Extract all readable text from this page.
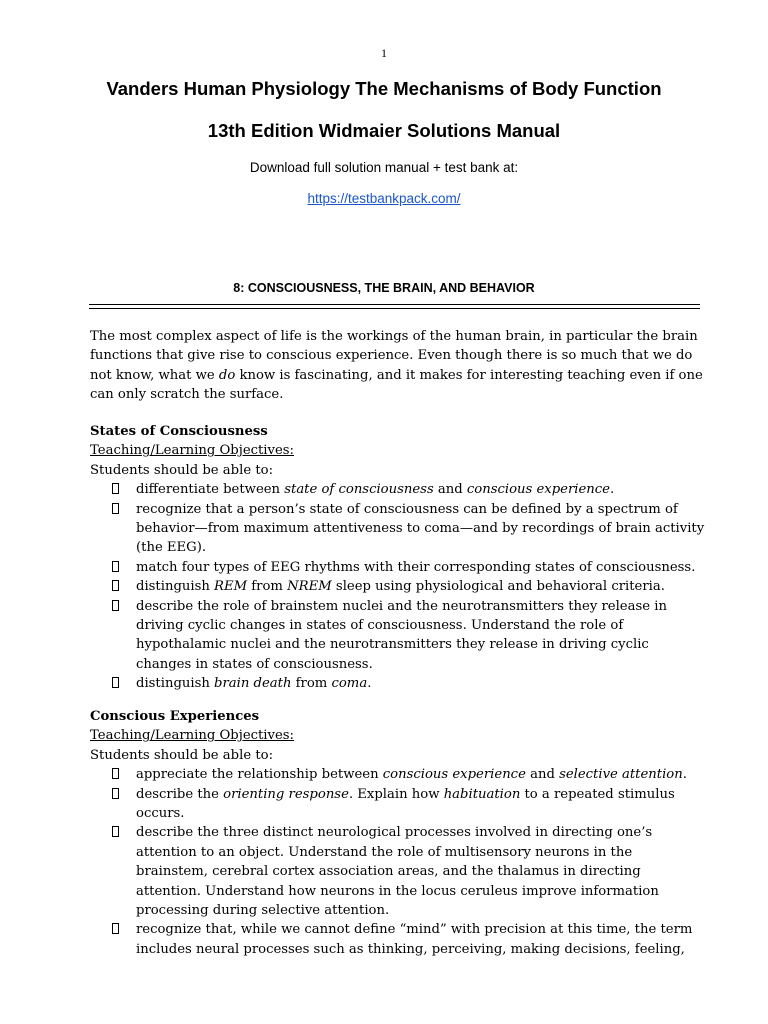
1
Vanders Human Physiology The Mechanisms of Body Function
13th Edition Widmaier Solutions Manual
Download full solution manual + test bank at:
https://testbankpack.com/
8: CONSCIOUSNESS, THE BRAIN, AND BEHAVIOR

The most complex aspect of life is the workings of the human brain, in particular the brain functions that give rise to conscious experience. Even though there is so much that we do not know, what we do know is fascinating, and it makes for interesting teaching even if one can only scratch the surface.

States of Consciousness

Teaching/Learning Objectives:

Students should be able to:

differentiate between state of consciousness and conscious experience.
recognize that a person’s state of consciousness can be defined by a spectrum of behavior—from maximum attentiveness to coma—and by recordings of brain activity (the EEG).
match four types of EEG rhythms with their corresponding states of consciousness.
distinguish REM from NREM sleep using physiological and behavioral criteria.
describe the role of brainstem nuclei and the neurotransmitters they release in driving cyclic changes in states of consciousness. Understand the role of hypothalamic nuclei and the neurotransmitters they release in driving cyclic changes in states of consciousness.
distinguish brain death from coma.

Conscious Experiences

Teaching/Learning Objectives:

Students should be able to:

appreciate the relationship between conscious experience and selective attention.
describe the orienting response. Explain how habituation to a repeated stimulus occurs.
describe the three distinct neurological processes involved in directing one’s attention to an object. Understand the role of multisensory neurons in the brainstem, cerebral cortex association areas, and the thalamus in directing attention. Understand how neurons in the locus ceruleus improve information processing during selective attention.
recognize that, while we cannot define “mind” with precision at this time, the term includes neural processes such as thinking, perceiving, making decisions, feeling,
